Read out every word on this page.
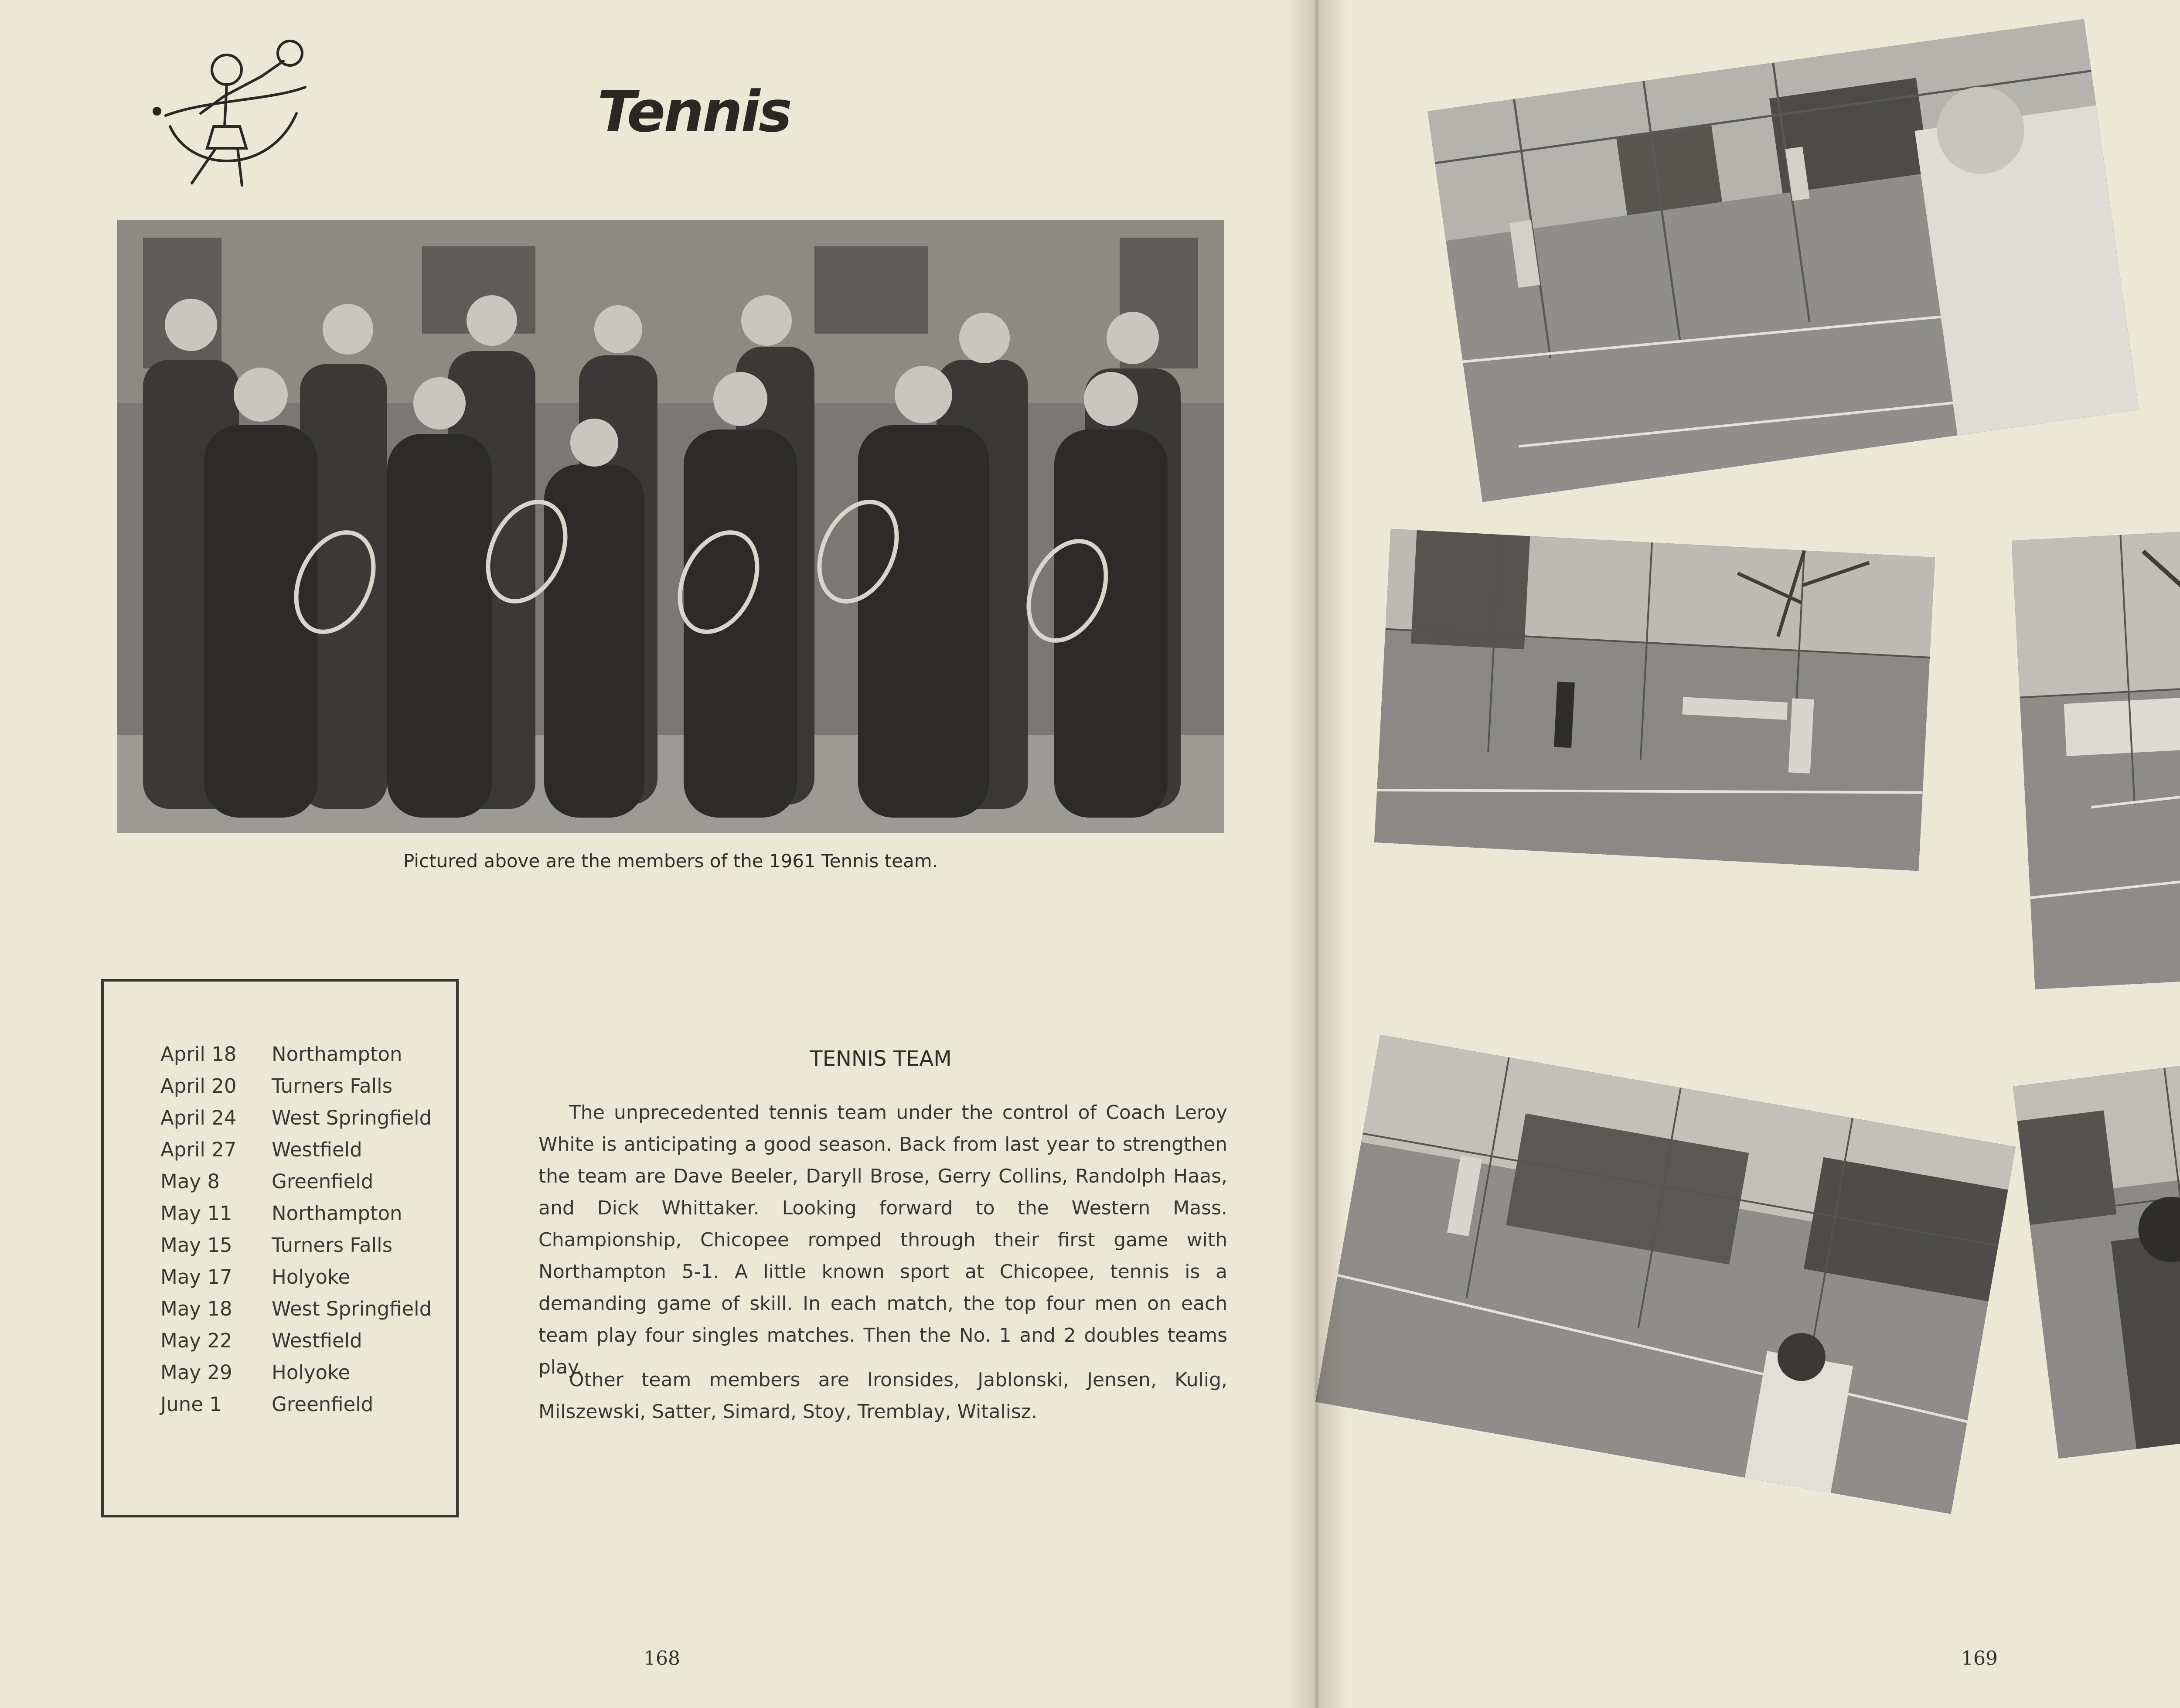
Tennis
Pictured above are the members of the 1961 Tennis team.
April 18 Northampton
April 20 Turners Falls
April 24 West Springfield
April 27 Westfield
May 8	Greenfield
May 11 Northampton
May 15 Turners Falls
May 17 Holyoke
May 18 West Springfield
May 22 Westfield
May 29 Holyoke
June 1	Greenfield
TENNIS TEAM

The unprecedented tennis team under the control of Coach Leroy White is anticipating a good season. Back from last year to strengthen the team are Dave Beeler, Daryll Brose, Gerry Collins, Randolph Haas, and Dick Whittaker. Looking forward to the Western Mass. Championship, Chicopee romped through their first game with Northampton 5-1. A little known sport at Chicopee, tennis is a demanding game of skill. In each match, the top four men on each team play four singles matches. Then the No. 1 and 2 doubles teams play.

Other team members are Ironsides, Jablonski, Jensen, Kulig, Milszewski, Satter, Simard, Stoy, Tremblay, Witalisz.

168	169
